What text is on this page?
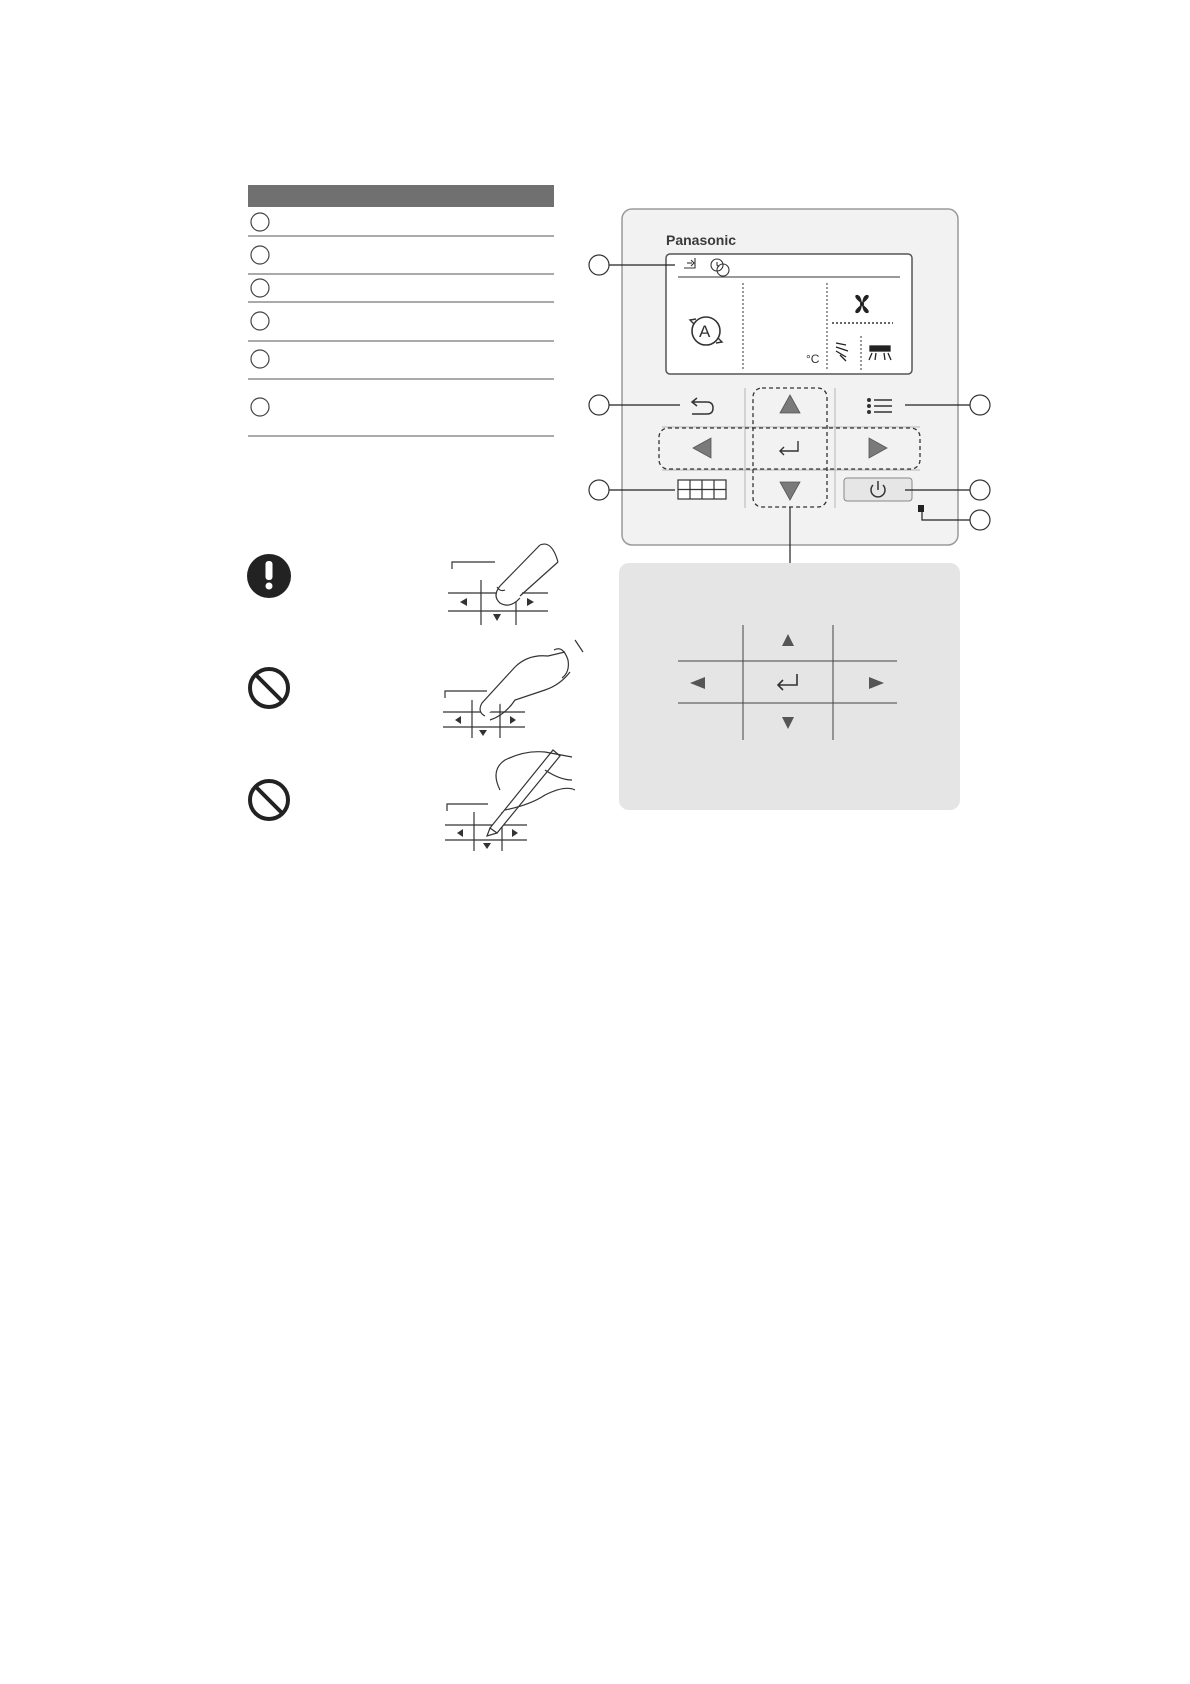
Panasonic
A
°C
